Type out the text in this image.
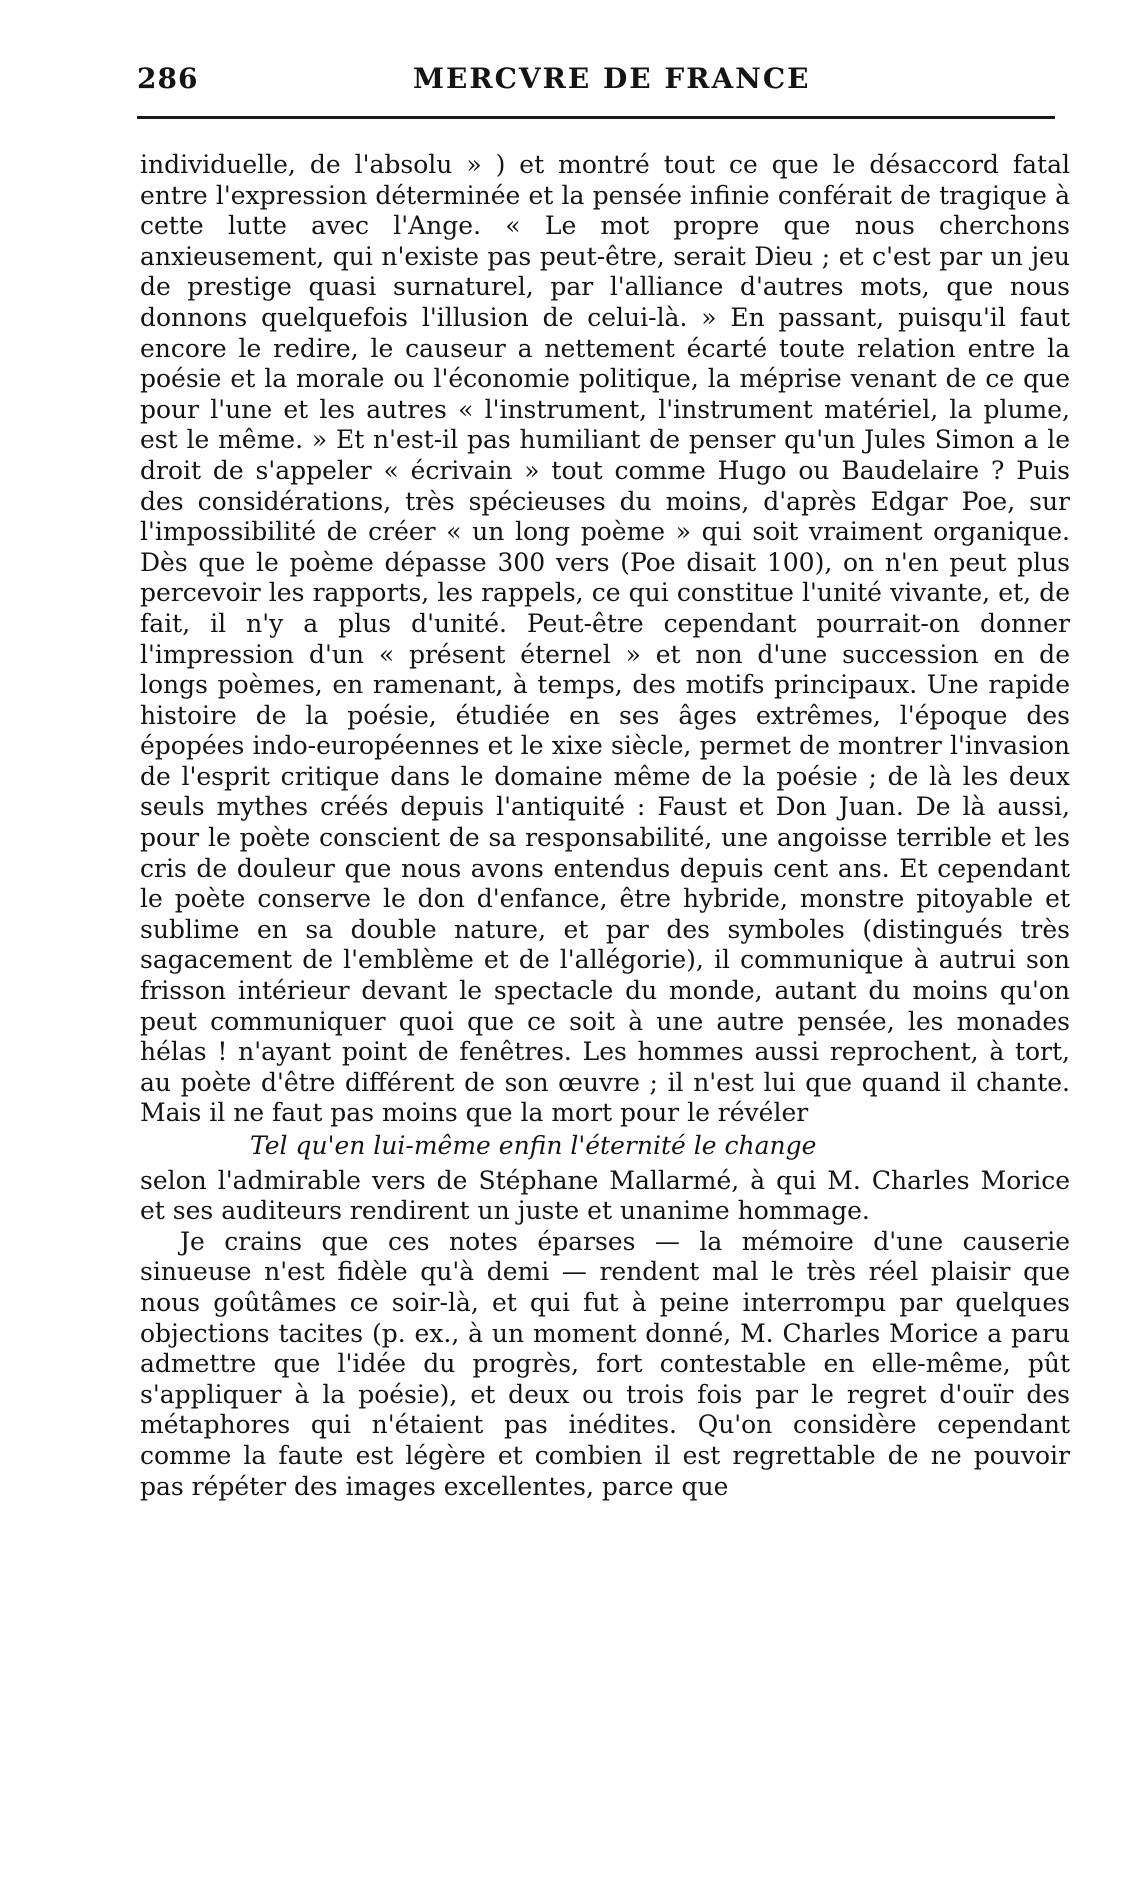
286	MERCVRE DE FRANCE

individuelle, de l'absolu » ) et montré tout ce que le désaccord fatal entre l'expression déterminée et la pensée infinie conférait de tragique à cette lutte avec l'Ange. « Le mot propre que nous cherchons anxieusement, qui n'existe pas peut-être, serait Dieu ; et c'est par un jeu de prestige quasi surnaturel, par l'alliance d'autres mots, que nous donnons quelquefois l'illusion de celui-là. » En passant, puisqu'il faut encore le redire, le causeur a nettement écarté toute relation entre la poésie et la morale ou l'économie politique, la méprise venant de ce que pour l'une et les autres « l'instrument, l'instrument matériel, la plume, est le même. » Et n'est-il pas humiliant de penser qu'un Jules Simon a le droit de s'appeler « écrivain » tout comme Hugo ou Baudelaire ? Puis des considérations, très spécieuses du moins, d'après Edgar Poe, sur l'impossibilité de créer « un long poème » qui soit vraiment organique. Dès que le poème dépasse 300 vers (Poe disait 100), on n'en peut plus percevoir les rapports, les rappels, ce qui constitue l'unité vivante, et, de fait, il n'y a plus d'unité. Peut-être cependant pourrait-on donner l'impression d'un « présent éternel » et non d'une succession en de longs poèmes, en ramenant, à temps, des motifs principaux. Une rapide histoire de la poésie, étudiée en ses âges extrêmes, l'époque des épopées indo-européennes et le xixe siècle, permet de montrer l'invasion de l'esprit critique dans le domaine même de la poésie ; de là les deux seuls mythes créés depuis l'antiquité : Faust et Don Juan. De là aussi, pour le poète conscient de sa responsabilité, une angoisse terrible et les cris de douleur que nous avons entendus depuis cent ans. Et cependant le poète conserve le don d'enfance, être hybride, monstre pitoyable et sublime en sa double nature, et par des symboles (distingués très sagacement de l'emblème et de l'allégorie), il communique à autrui son frisson intérieur devant le spectacle du monde, autant du moins qu'on peut communiquer quoi que ce soit à une autre pensée, les monades hélas ! n'ayant point de fenêtres. Les hommes aussi reprochent, à tort, au poète d'être différent de son œuvre ; il n'est lui que quand il chante. Mais il ne faut pas moins que la mort pour le révéler

Tel qu'en lui-même enfin l'éternité le change

selon l'admirable vers de Stéphane Mallarmé, à qui M. Charles Morice et ses auditeurs rendirent un juste et unanime hommage.

Je crains que ces notes éparses — la mémoire d'une causerie sinueuse n'est fidèle qu'à demi — rendent mal le très réel plaisir que nous goûtâmes ce soir-là, et qui fut à peine interrompu par quelques objections tacites (p. ex., à un moment donné, M. Charles Morice a paru admettre que l'idée du progrès, fort contestable en elle-même, pût s'appliquer à la poésie), et deux ou trois fois par le regret d'ouïr des métaphores qui n'étaient pas inédites. Qu'on considère cependant comme la faute est légère et combien il est regrettable de ne pouvoir pas répéter des images excellentes, parce que
